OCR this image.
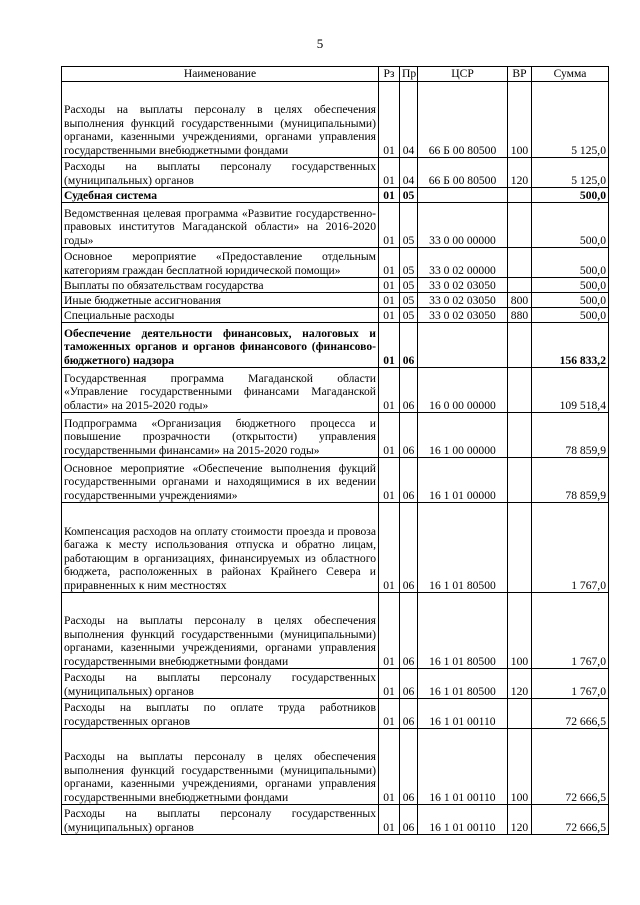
5
Наименование	Рз	Пр	ЦСР	ВР	Сумма
Расходы на выплаты персоналу в целях обеспечения выполнения функций государственными (муниципальными) органами, казенными учреждениями, органами управления государственными внебюджетными фондами	01	04	66 Б 00 80500	100	5 125,0
Расходы на выплаты персоналу государственных (муниципальных) органов	01	04	66 Б 00 80500	120	5 125,0
Судебная система	01	05			500,0
Ведомственная целевая программа «Развитие государственно-правовых институтов Магаданской области» на 2016-2020 годы»	01	05	33 0 00 00000		500,0
Основное мероприятие «Предоставление отдельным категориям граждан бесплатной юридической помощи»	01	05	33 0 02 00000		500,0
Выплаты по обязательствам государства	01	05	33 0 02 03050		500,0
Иные бюджетные ассигнования	01	05	33 0 02 03050	800	500,0
Специальные расходы	01	05	33 0 02 03050	880	500,0
Обеспечение деятельности финансовых, налоговых и таможенных органов и органов финансового (финансово-бюджетного) надзора	01	06			156 833,2
Государственная программа Магаданской области «Управление государственными финансами Магаданской области» на 2015-2020 годы»	01	06	16 0 00 00000		109 518,4
Подпрограмма «Организация бюджетного процесса и повышение прозрачности (открытости) управления государственными финансами» на 2015-2020 годы»	01	06	16 1 00 00000		78 859,9
Основное мероприятие «Обеспечение выполнения фукций государственными органами и находящимися в их ведении государственными учреждениями»	01	06	16 1 01 00000		78 859,9
Компенсация расходов на оплату стоимости проезда и провоза багажа к месту использования отпуска и обратно лицам, работающим в организациях, финансируемых из областного бюджета, расположенных в районах Крайнего Севера и приравненных к ним местностях	01	06	16 1 01 80500		1 767,0
Расходы на выплаты персоналу в целях обеспечения выполнения функций государственными (муниципальными) органами, казенными учреждениями, органами управления государственными внебюджетными фондами	01	06	16 1 01 80500	100	1 767,0
Расходы на выплаты персоналу государственных (муниципальных) органов	01	06	16 1 01 80500	120	1 767,0
Расходы на выплаты по оплате труда работников государственных органов	01	06	16 1 01 00110		72 666,5
Расходы на выплаты персоналу в целях обеспечения выполнения функций государственными (муниципальными) органами, казенными учреждениями, органами управления государственными внебюджетными фондами	01	06	16 1 01 00110	100	72 666,5
Расходы на выплаты персоналу государственных (муниципальных) органов	01	06	16 1 01 00110	120	72 666,5
